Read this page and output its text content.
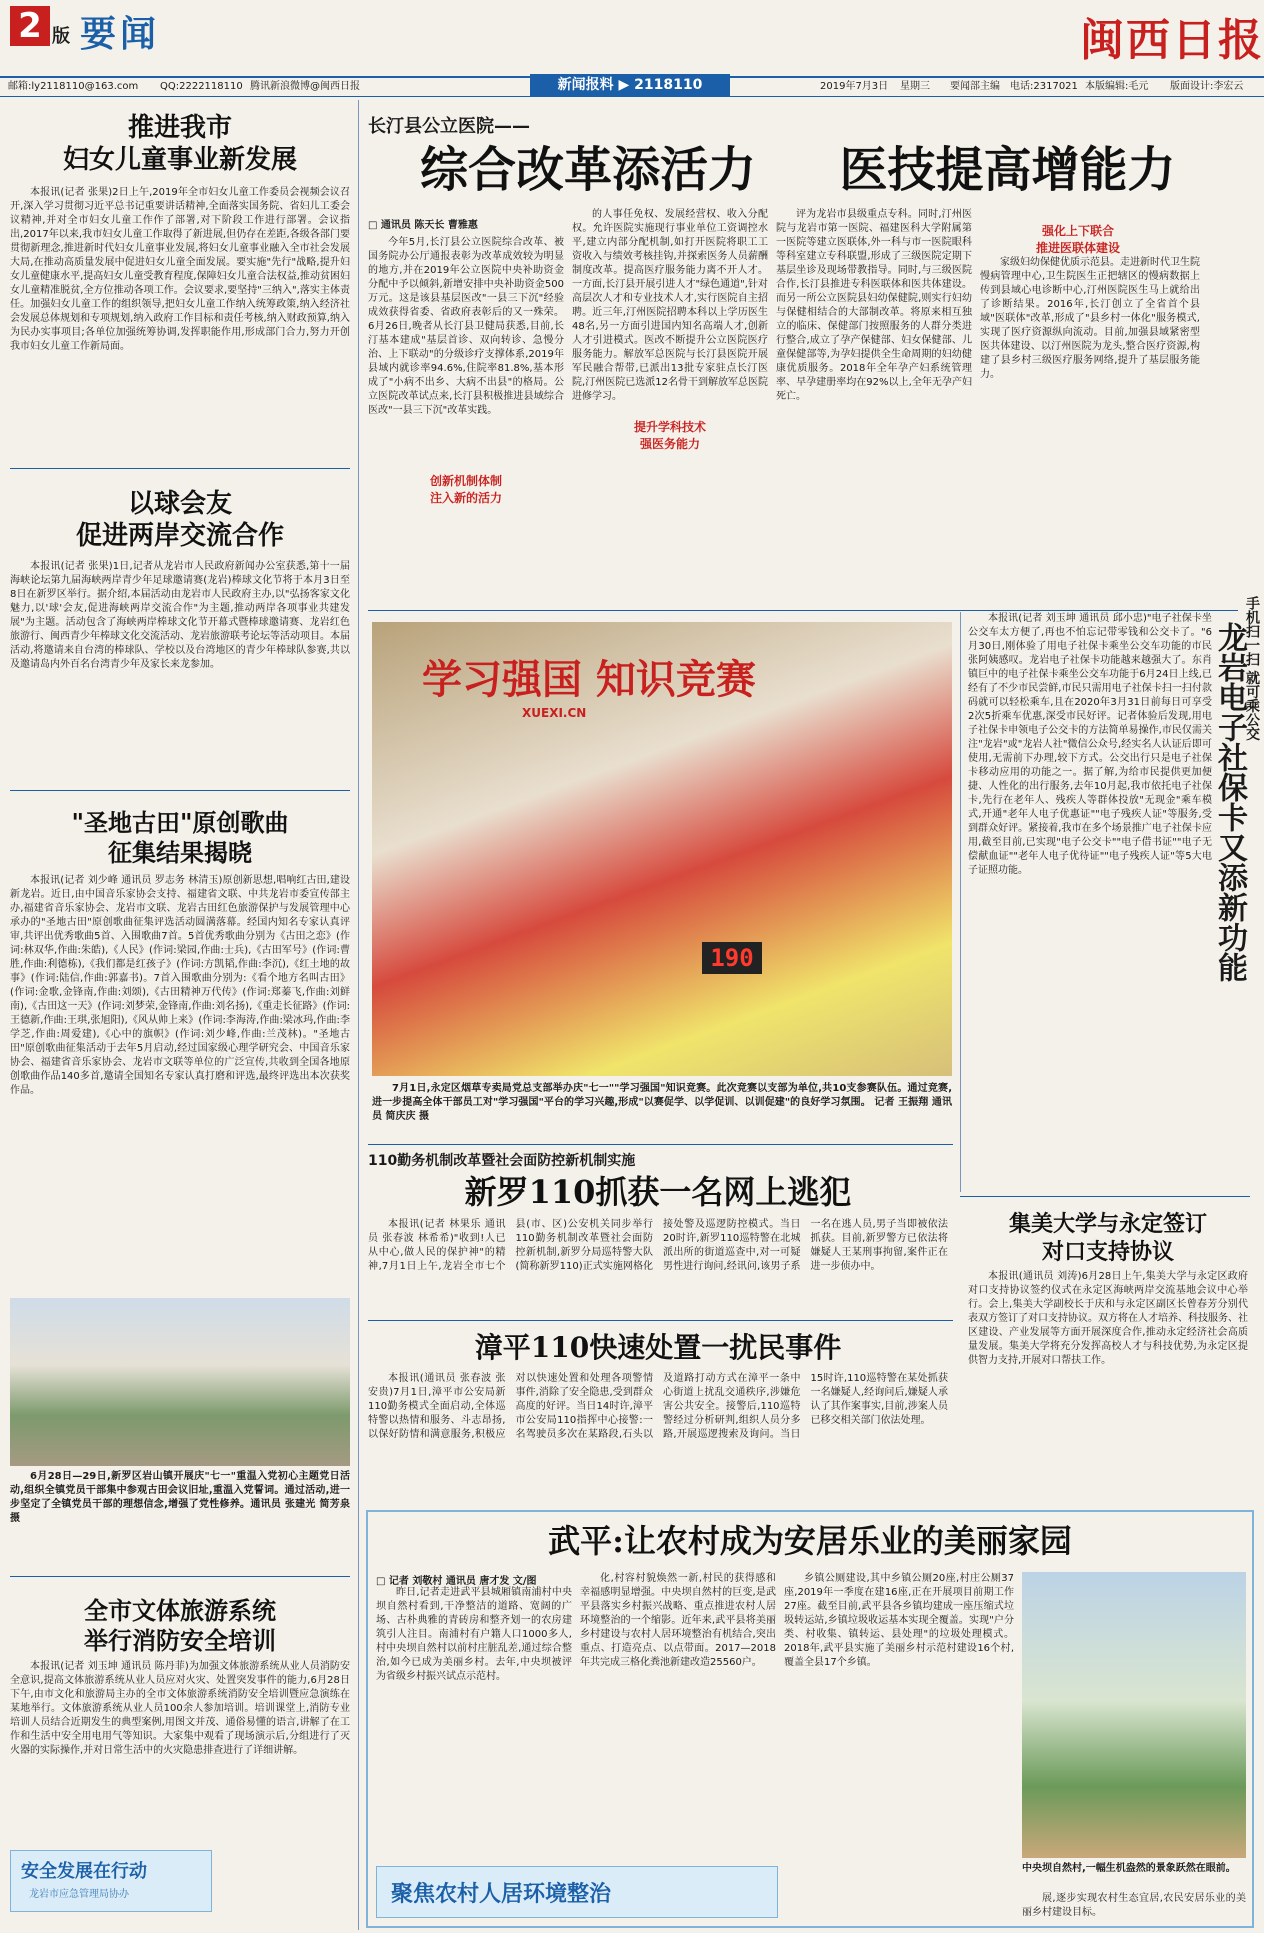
2 版 要闻	闽西日报
邮箱:ly2118110@163.com QQ:2222118110 腾讯新浪微博@闽西日报	2019年7月3日 星期三 要闻部主编 电话:2317021 本版编辑:毛元 版面设计:李宏云
新闻报料 ▶ 2118110
推进我市
妇女儿童事业新发展

本报讯(记者 张果)2日上午,2019年全市妇女儿童工作委员会视频会议召开,深入学习贯彻习近平总书记重要讲话精神,全面落实国务院、省妇儿工委会议精神,并对全市妇女儿童工作作了部署,对下阶段工作进行部署。会议指出,2017年以来,我市妇女儿童工作取得了新进展,但仍存在差距,各级各部门要贯彻新理念,推进新时代妇女儿童事业发展,将妇女儿童事业融入全市社会发展大局,在推动高质量发展中促进妇女儿童全面发展。要实施"先行"战略,提升妇女儿童健康水平,提高妇女儿童受教育程度,保障妇女儿童合法权益,推动贫困妇女儿童精准脱贫,全方位推动各项工作。会议要求,要坚持"三纳入",落实主体责任。加强妇女儿童工作的组织领导,把妇女儿童工作纳入统筹政策,纳入经济社会发展总体规划和专项规划,纳入政府工作目标和责任考核,纳入财政预算,纳入为民办实事项目;各单位加强统筹协调,发挥职能作用,形成部门合力,努力开创我市妇女儿童工作新局面。

以球会友
促进两岸交流合作

本报讯(记者 张果)1日,记者从龙岩市人民政府新闻办公室获悉,第十一届海峡论坛第九届海峡两岸青少年足球邀请赛(龙岩)棒球文化节将于本月3日至8日在新罗区举行。据介绍,本届活动由龙岩市人民政府主办,以"弘扬客家文化魅力,以'球'会友,促进海峡两岸交流合作"为主题,推动两岸各项事业共建发展"为主题。活动包含了海峡两岸棒球文化节开幕式暨棒球邀请赛、龙岩红色旅游行、闽西青少年棒球文化交流活动、龙岩旅游联考论坛等活动项目。本届活动,将邀请来自台湾的棒球队、学校以及台湾地区的青少年棒球队参赛,共以及邀请岛内外百名台湾青少年及家长来龙参加。

"圣地古田"原创歌曲
征集结果揭晓

本报讯(记者 刘少峰 通讯员 罗志务 林清玉)原创新思想,唱响红古田,建设新龙岩。近日,由中国音乐家协会支持、福建省文联、中共龙岩市委宣传部主办,福建省音乐家协会、龙岩市文联、龙岩古田红色旅游保护与发展管理中心承办的"圣地古田"原创歌曲征集评选活动圆满落幕。经国内知名专家认真评审,共评出优秀歌曲5首、入围歌曲7首。5首优秀歌曲分别为《古田之恋》(作词:林双华,作曲:朱皓),《人民》(作词:梁园,作曲:士兵),《古田军号》(作词:曹胜,作曲:利德栋),《我们都是红孩子》(作词:方凯韬,作曲:李沉),《红土地的故事》(作词:陆信,作曲:郭嘉书)。7首入围歌曲分别为:《看个地方名叫古田》(作词:金歌,金锋南,作曲:刘颂),《古田精神万代传》(作词:郑蓁飞,作曲:刘鲜南),《古田这一天》(作词:刘梦荣,金锋南,作曲:刘名扬),《重走长征路》(作词:王德新,作曲:王琪,张旭阳),《风从帅上来》(作词:李海涛,作曲:梁冰玛,作曲:李学芝,作曲:周爱建),《心中的旗帜》(作词:刘少峰,作曲:兰茂林)。"圣地古田"原创歌曲征集活动于去年5月启动,经过国家级心理学研究会、中国音乐家协会、福建省音乐家协会、龙岩市文联等单位的广泛宣传,共收到全国各地原创歌曲作品140多首,邀请全国知名专家认真打磨和评选,最终评选出本次获奖作品。

6月28日—29日,新罗区岩山镇开展庆"七一"重温入党初心主题党日活动,组织全镇党员干部集中参观古田会议旧址,重温入党誓词。通过活动,进一步坚定了全镇党员干部的理想信念,增强了党性修养。通讯员 张建光 简芳泉 摄

全市文体旅游系统
举行消防安全培训

本报讯(记者 刘玉坤 通讯员 陈丹菲)为加强文体旅游系统从业人员消防安全意识,提高文体旅游系统从业人员应对火灾、处置突发事件的能力,6月28日下午,由市文化和旅游局主办的全市文体旅游系统消防安全培训暨应急演练在某地举行。文体旅游系统从业人员100余人参加培训。培训课堂上,消防专业培训人员结合近期发生的典型案例,用图文并茂、通俗易懂的语言,讲解了在工作和生活中安全用电用气等知识。大家集中观看了现场演示后,分组进行了灭火器的实际操作,并对日常生活中的火灾隐患排查进行了详细讲解。

安全发展在行动
龙岩市应急管理局协办

长汀县公立医院——
综合改革添活力 医技提高增能力
□ 通讯员 陈天长 曹雅惠

今年5月,长汀县公立医院综合改革、被国务院办公厅通报表彰为改革成效较为明显的地方,并在2019年公立医院中央补助资金分配中予以倾斜,新增安排中央补助资金500万元。这是该县基层医改"一县三下沉"经验成效获得省委、省政府表彰后的又一殊荣。6月26日,晚者从长汀县卫健局获悉,目前,长汀基本建成"基层首诊、双向转诊、急慢分治、上下联动"的分级诊疗支撑体系,2019年县域内就诊率94.6%,住院率81.8%,基本形成了"小病不出乡、大病不出县"的格局。公立医院改革试点来,长汀县积极推进县域综合医改"一县三下沉"改革实践。

创新机制体制
注入新的活力

的人事任免权、发展经营权、收入分配权。允许医院实施现行事业单位工资调控水平,建立内部分配机制,如打开医院将职工工资收入与绩效考核挂钩,并探索医务人员薪酬制度改革。提高医疗服务能力离不开人才。一方面,长汀县开展引进人才"绿色通道",针对高层次人才和专业技术人才,实行医院自主招聘。近三年,汀州医院招聘本科以上学历医生48名,另一方面引进国内知名高端人才,创新人才引进模式。医改不断提升公立医院医疗服务能力。解放军总医院与长汀县医院开展军民融合帮带,已派出13批专家驻点长汀医院,汀州医院已选派12名骨干到解放军总医院进修学习。

提升学科技术
强医务能力

评为龙岩市县级重点专科。同时,汀州医院与龙岩市第一医院、福建医科大学附属第一医院等建立医联体,外一科与市一医院眼科等科室建立专科联盟,形成了三级医院定期下基层坐诊及现场带教指导。同时,与三级医院合作,长汀县推进专科医联体和医共体建设。而另一所公立医院县妇幼保健院,则实行妇幼与保健相结合的大部制改革。将原来相互独立的临床、保健部门按照服务的人群分类进行整合,成立了孕产保健部、妇女保健部、儿童保健部等,为孕妇提供全生命周期的妇幼健康优质服务。2018年全年孕产妇系统管理率、早孕建册率均在92%以上,全年无孕产妇死亡。

强化上下联合
推进医联体建设

家级妇幼保健优质示范县。走进新时代卫生院慢病管理中心,卫生院医生正把辖区的慢病数据上传到县域心电诊断中心,汀州医院医生马上就给出了诊断结果。2016年,长汀创立了全省首个县域"医联体"改革,形成了"县乡村一体化"服务模式,实现了医疗资源纵向流动。目前,加强县域紧密型医共体建设、以汀州医院为龙头,整合医疗资源,构建了县乡村三级医疗服务网络,提升了基层服务能力。

学习强国 知识竞赛
XUEXI.CN
190

7月1日,永定区烟草专卖局党总支部举办庆"七一""学习强国"知识竞赛。此次竞赛以支部为单位,共10支参赛队伍。通过竞赛,进一步提高全体干部员工对"学习强国"平台的学习兴趣,形成"以赛促学、以学促训、以训促建"的良好学习氛围。 记者 王振翔 通讯员 简庆庆 摄

本报讯(记者 刘玉坤 通讯员 邱小忠)"电子社保卡坐公交车太方便了,再也不怕忘记带零钱和公交卡了。"6月30日,刚体验了用电子社保卡乘坐公交车功能的市民张阿姨感叹。龙岩电子社保卡功能越来越强大了。东肖镇巨中的电子社保卡乘坐公交车功能于6月24日上线,已经有了不少市民尝鲜,市民只需用电子社保卡扫一扫付款码就可以轻松乘车,且在2020年3月31日前每日可享受2次5折乘车优惠,深受市民好评。记者体验后发现,用电子社保卡申领电子公交卡的方法简单易操作,市民仅需关注"龙岩"或"龙岩人社"微信公众号,经实名人认证后即可使用,无需前下办理,较下方式。公交出行只是电子社保卡移动应用的功能之一。据了解,为给市民提供更加便捷、人性化的出行服务,去年10月起,我市依托电子社保卡,先行在老年人、残疾人等群体投放"无现金"乘车模式,开通"老年人电子优惠证""电子残疾人证"等服务,受到群众好评。紧接着,我市在多个场景推广电子社保卡应用,截至目前,已实现"电子公交卡""电子借书证""电子无偿献血证""老年人电子优待证""电子残疾人证"等5大电子证照功能。	龙岩电子社保卡又添新功能
手机扫一扫 就可乘公交
110勤务机制改革暨社会面防控新机制实施
新罗110抓获一名网上逃犯

本报讯(记者 林果乐 通讯员 张春波 林希希)"收到!人已从中心,做人民的保护神"的精神,7月1日上午,龙岩全市七个县(市、区)公安机关同步举行110勤务机制改革暨社会面防控新机制,新罗分局巡特警大队(简称新罗110)正式实施网格化接处警及巡逻防控模式。当日20时许,新罗110巡特警在北城派出所的街道巡查中,对一可疑男性进行询问,经讯问,该男子系一名在逃人员,男子当即被依法抓获。目前,新罗警方已依法将嫌疑人王某刑事拘留,案件正在进一步侦办中。

漳平110快速处置一扰民事件

本报讯(通讯员 张春波 张安贵)7月1日,漳平市公安局新110勤务模式全面启动,全体巡特警以热情和服务、斗志昂扬,以保好防情和满意服务,积极应对以快速处置和处理各项警情事件,消除了安全隐患,受到群众高度的好评。当日14时许,漳平市公安局110指挥中心接警:一名驾驶员多次在某路段,石头以及道路打动方式在漳平一条中心街道上扰乱交通秩序,涉嫌危害公共安全。接警后,110巡特警经过分析研判,组织人员分多路,开展巡逻搜索及询问。当日15时许,110巡特警在某处抓获一名嫌疑人,经询问后,嫌疑人承认了其作案事实,目前,涉案人员已移交相关部门依法处理。

集美大学与永定签订
对口支持协议

本报讯(通讯员 刘涛)6月28日上午,集美大学与永定区政府对口支持协议签约仪式在永定区海峡两岸交流基地会议中心举行。会上,集美大学副校长于庆和与永定区副区长曾春芳分别代表双方签订了对口支持协议。双方将在人才培养、科技服务、社区建设、产业发展等方面开展深度合作,推动永定经济社会高质量发展。集美大学将充分发挥高校人才与科技优势,为永定区提供智力支持,开展对口帮扶工作。

武平:让农村成为安居乐业的美丽家园
□ 记者 刘敬村 通讯员 唐才发 文/图

昨日,记者走进武平县城厢镇南浦村中央坝自然村看到,干净整洁的道路、宽阔的广场、古朴典雅的青砖房和整齐划一的农房建筑引人注目。南浦村有户籍人口1000多人,村中央坝自然村以前村庄脏乱差,通过综合整治,如今已成为美丽乡村。去年,中央坝被评为省级乡村振兴试点示范村。

化,村容村貌焕然一新,村民的获得感和幸福感明显增强。中央坝自然村的巨变,是武平县落实乡村振兴战略、重点推进农村人居环境整治的一个缩影。近年来,武平县将美丽乡村建设与农村人居环境整治有机结合,突出重点、打造亮点、以点带面。2017—2018年共完成三格化粪池新建改造25560户。

乡镇公厕建设,其中乡镇公厕20座,村庄公厕37座,2019年一季度在建16座,正在开展项目前期工作27座。截至目前,武平县各乡镇均建成一座压缩式垃圾转运站,乡镇垃圾收运基本实现全覆盖。实现"户分类、村收集、镇转运、县处理"的垃圾处理模式。2018年,武平县实施了美丽乡村示范村建设16个村,覆盖全县17个乡镇。

中央坝自然村,一幅生机盎然的景象跃然在眼前。

展,逐步实现农村生态宜居,农民安居乐业的美丽乡村建设目标。

聚焦农村人居环境整治
